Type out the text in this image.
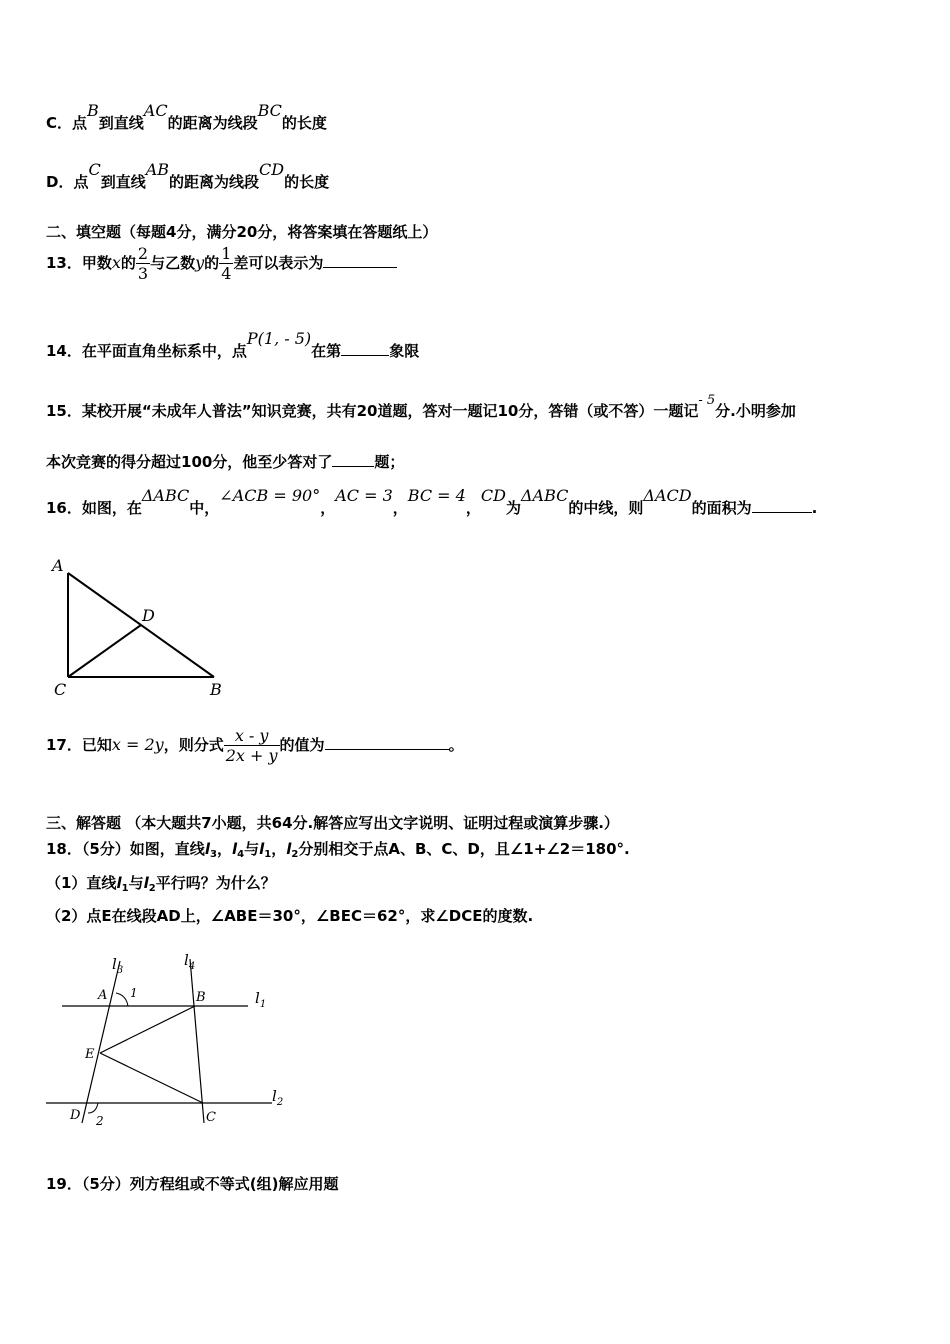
C．点B到直线AC的距离为线段BC的长度
D．点C到直线AB的距离为线段CD的长度
二、填空题（每题4分，满分20分，将答案填在答题纸上）
13．甲数x的 $\frac{2}{3}$ 与乙数y的 $\frac{1}{4}$ 差可以表示为
14．在平面直角坐标系中，点P(1, - 5)在第	象限
15．某校开展“未成年人普法”知识竞赛，共有20道题，答对一题记10分，答错（或不答）一题记- 5分.小明参加
本次竞赛的得分超过100分，他至少答对了	题；
16．如图，在ΔABC中，∠ACB = 90°，AC = 3，BC = 4，CD为ΔABC的中线，则ΔACD的面积为	.
A
D
C	B
17．已知x = 2y，则分式 $\frac{x - y}{2x + y}$ 的值为	。
三、解答题 （本大题共7小题，共64分.解答应写出文字说明、证明过程或演算步骤.）
18．（5分）如图，直线$l_3$，$l_4$与$l_1$，$l_2$分别相交于点A、B、C、D，且∠1+∠2＝180°.
（1）直线$l_1$与$l_2$平行吗？为什么？
（2）点E在线段AD上，∠ABE＝30°，∠BEC＝62°，求∠DCE的度数.
$l_3$
$l_4$
$l_1$
$l_2$
A 1	B
E
D 2	C
19．（5分）列方程组或不等式(组)解应用题
